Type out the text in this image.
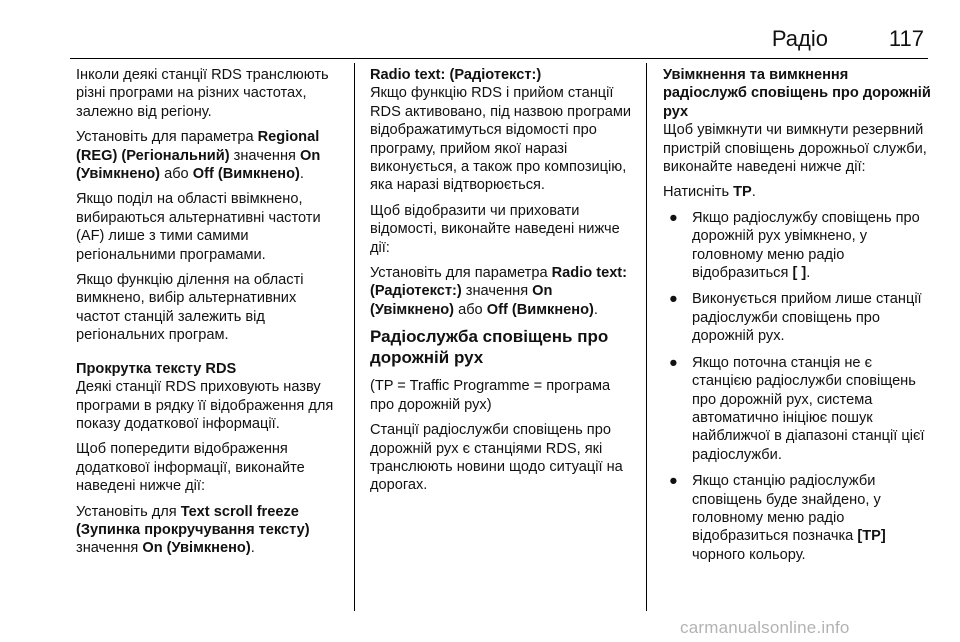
Радіо	117

Інколи деякі станції RDS транслюють різні програми на різних частотах, залежно від регіону.

Установіть для параметра Regional (REG) (Регіональний) значення On (Увімкнено) або Off (Вимкнено).

Якщо поділ на області ввімкнено, вибираються альтернативні частоти (AF) лише з тими самими регіональними програмами.

Якщо функцію ділення на області вимкнено, вибір альтернативних частот станцій залежить від регіональних програм.

Прокрутка тексту RDS

Деякі станції RDS приховують назву програми в рядку її відображення для показу додаткової інформації.

Щоб попередити відображення додаткової інформації, виконайте наведені нижче дії:

Установіть для Text scroll freeze (Зупинка прокручування тексту) значення On (Увімкнено).

Radio text: (Радіотекст:)

Якщо функцію RDS і прийом станції RDS активовано, під назвою програми відображатимуться відомості про програму, прийом якої наразі виконується, а також про композицію, яка наразі відтворюється.

Щоб відобразити чи приховати відомості, виконайте наведені нижче дії:

Установіть для параметра Radio text: (Радіотекст:) значення On (Увімкнено) або Off (Вимкнено).

Радіослужба сповіщень про дорожній рух

(TP = Traffic Programme = програма про дорожній рух)

Станції радіослужби сповіщень про дорожній рух є станціями RDS, які транслюють новини щодо ситуації на дорогах.

Увімкнення та вимкнення радіослужб сповіщень про дорожній рух

Щоб увімкнути чи вимкнути резервний пристрій сповіщень дорожньої служби, виконайте наведені нижче дії:

Натисніть TP.

● Якщо радіослужбу сповіщень про дорожній рух увімкнено, у головному меню радіо відобразиться [ ].
● Виконується прийом лише станції радіослужби сповіщень про дорожній рух.
● Якщо поточна станція не є станцією радіослужби сповіщень про дорожній рух, система автоматично ініціює пошук найближчої в діапазоні станції цієї радіослужби.
● Якщо станцію радіослужби сповіщень буде знайдено, у головному меню радіо відобразиться позначка [TP] чорного кольору.
carmanualsonline.info
